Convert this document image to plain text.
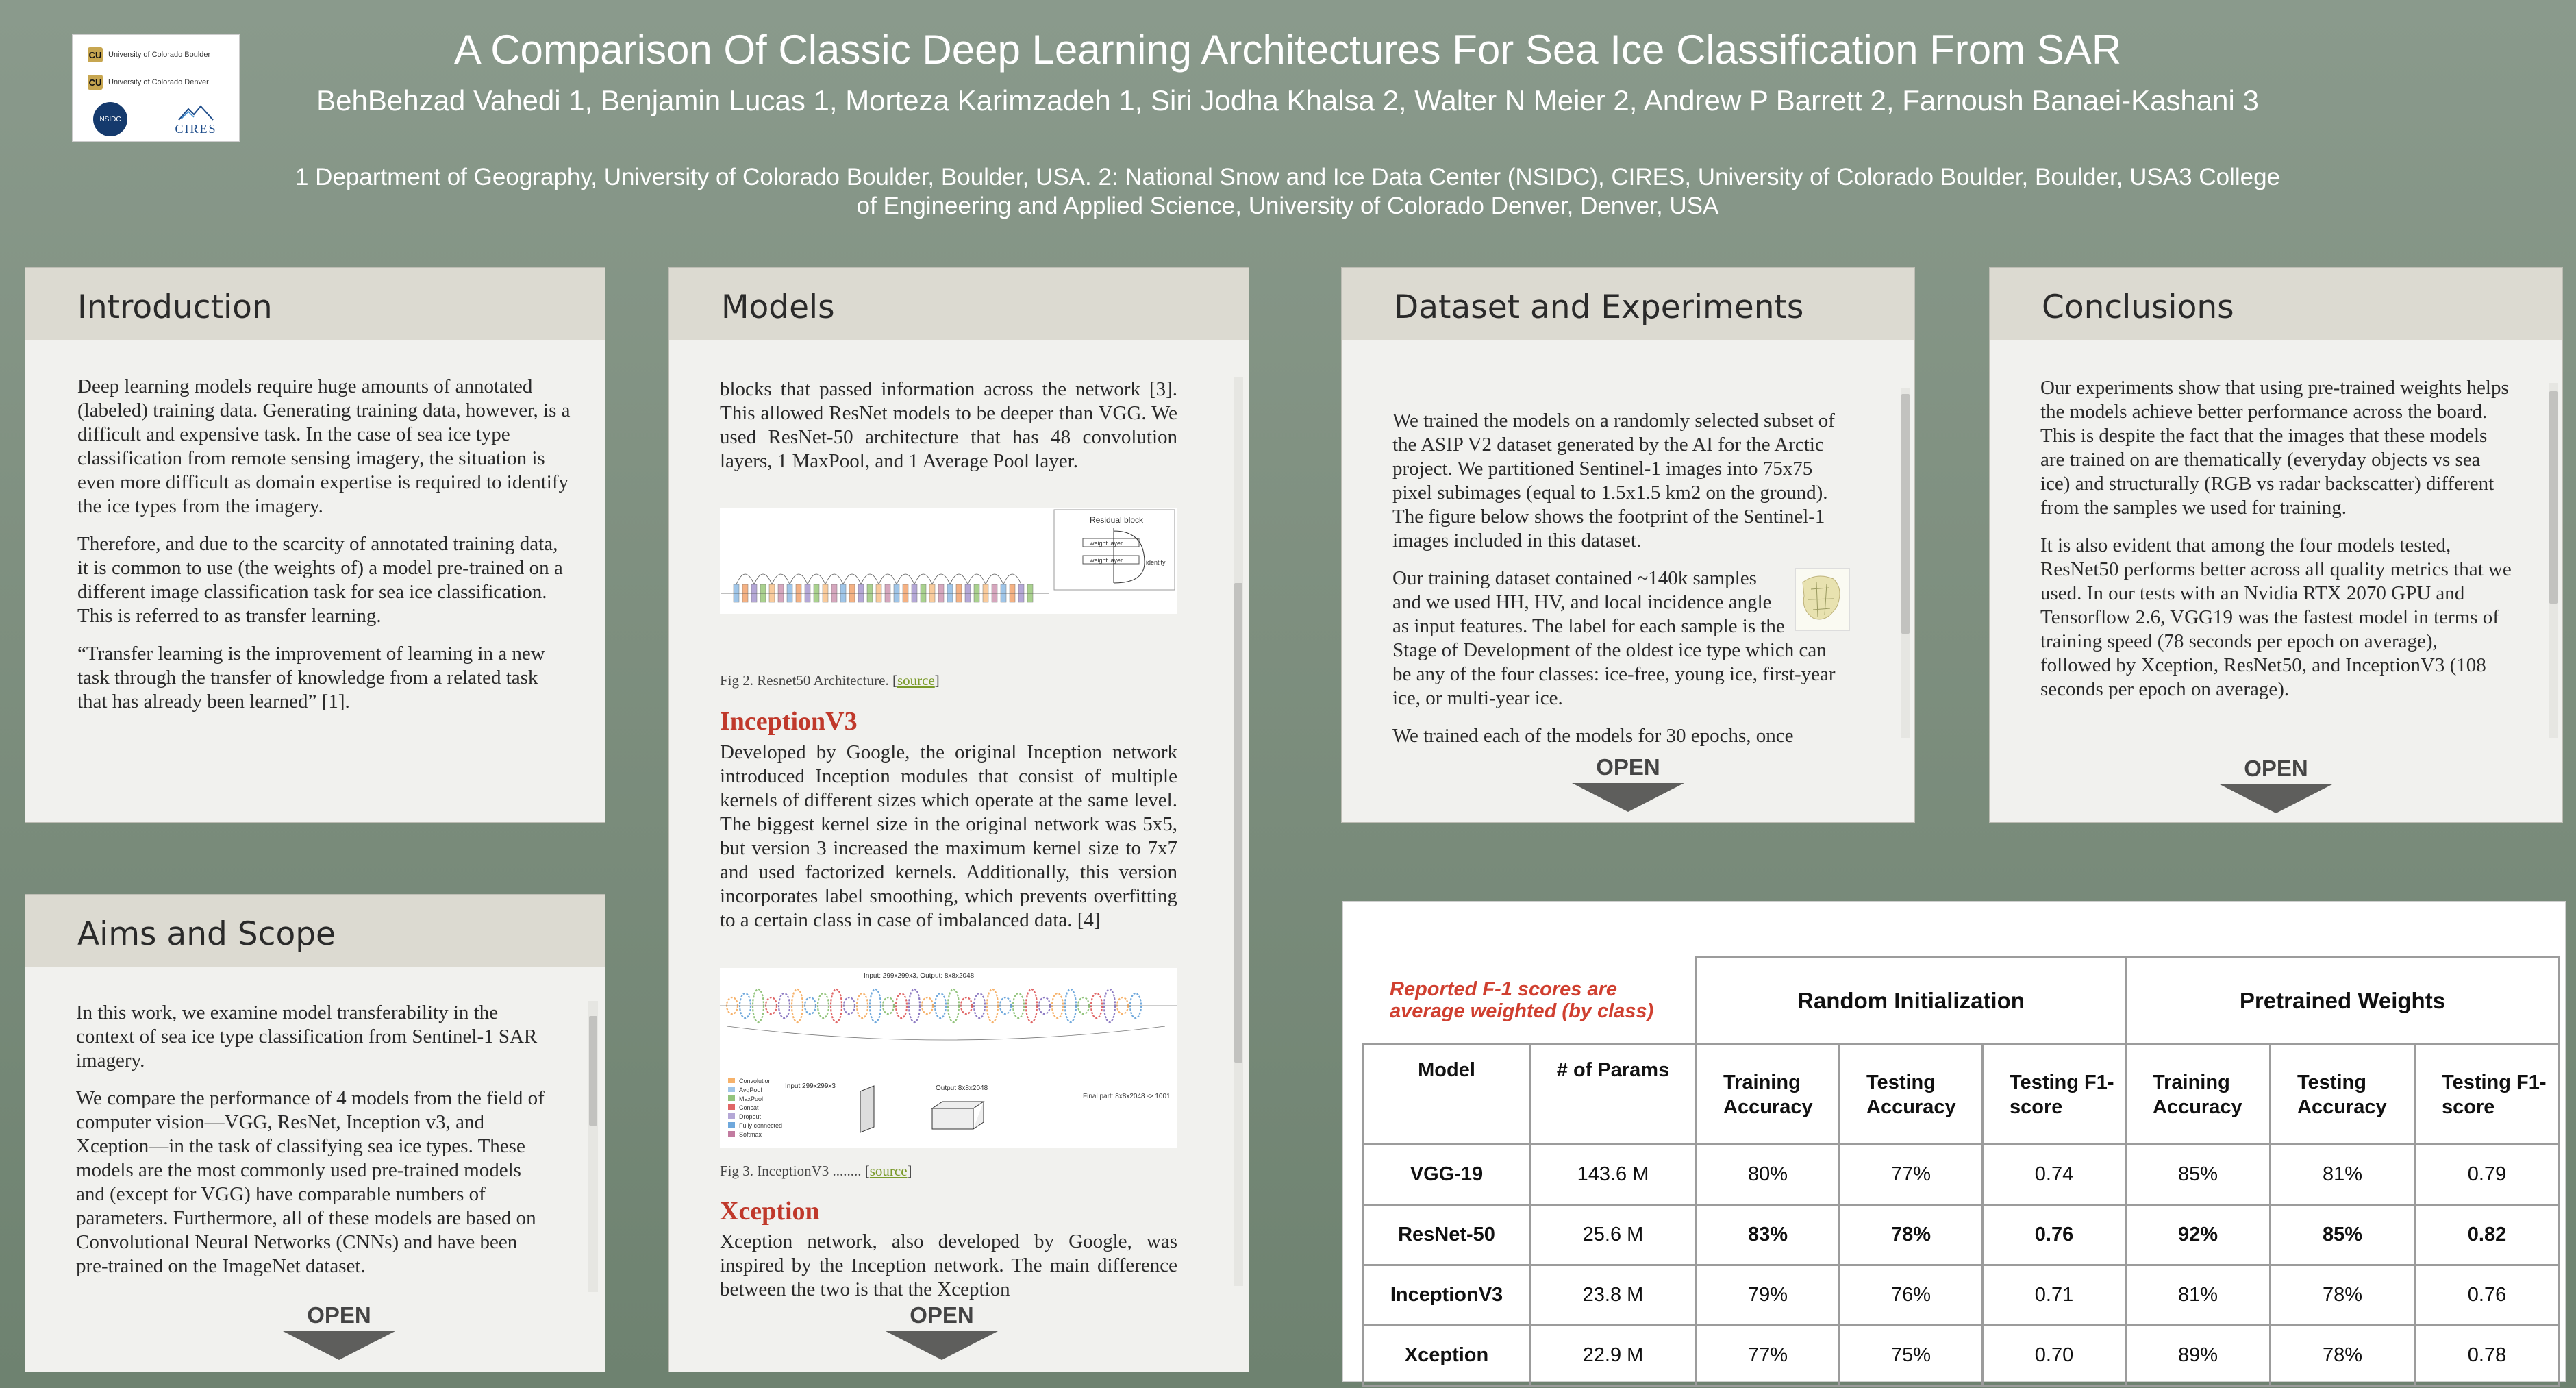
CU University of Colorado Boulder
CU University of Colorado Denver
NSIDC
CIRES
A Comparison Of Classic Deep Learning Architectures For Sea Ice Classification From SAR
BehBehzad Vahedi 1, Benjamin Lucas 1, Morteza Karimzadeh 1, Siri Jodha Khalsa 2, Walter N Meier 2, Andrew P Barrett 2, Farnoush Banaei-Kashani 3
1 Department of Geography, University of Colorado Boulder, Boulder, USA. 2: National Snow and Ice Data Center (NSIDC), CIRES, University of Colorado Boulder, Boulder, USA3 College of Engineering and Applied Science, University of Colorado Denver, Denver, USA
Introduction

Deep learning models require huge amounts of annotated (labeled) training data. Generating training data, however, is a difficult and expensive task. In the case of sea ice type classification from remote sensing imagery, the situation is even more difficult as domain expertise is required to identify the ice types from the imagery.

Therefore, and due to the scarcity of annotated training data, it is common to use (the weights of) a model pre-trained on a different image classification task for sea ice classification. This is referred to as transfer learning.

“Transfer learning is the improvement of learning in a new task through the transfer of knowledge from a related task that has already been learned” [1].

Aims and Scope

In this work, we examine model transferability in the context of sea ice type classification from Sentinel-1 SAR imagery.

We compare the performance of 4 models from the field of computer vision—VGG, ResNet, Inception v3, and Xception—in the task of classifying sea ice types. These models are the most commonly used pre-trained models and (except for VGG) have comparable numbers of parameters. Furthermore, all of these models are based on Convolutional Neural Networks (CNNs) and have been pre-trained on the ImageNet dataset.

OPEN
Models

blocks that passed information across the network [3]. This allowed ResNet models to be deeper than VGG. We used ResNet-50 architecture that has 48 convolution layers, 1 MaxPool, and 1 Average Pool layer.

Residual block
weight layer
weight layer	identity
Fig 2. Resnet50 Architecture. [source]
InceptionV3

Developed by Google, the original Inception network introduced Inception modules that consist of multiple kernels of different sizes which operate at the same level. The biggest kernel size in the original network was 5x5, but version 3 increased the maximum kernel size to 7x7 and used factorized kernels. Additionally, this version incorporates label smoothing, which prevents overfitting to a certain class in case of imbalanced data. [4]

Input: 299x299x3, Output: 8x8x2048
Convolution
AvgPool
MaxPool
Concat
Dropout
Fully connected
Softmax
Input 299x299x3	Output 8x8x2048
Final part: 8x8x2048 -> 1001
Fig 3. InceptionV3 ........ [source]
Xception

Xception network, also developed by Google, was inspired by the Inception network. The main difference between the two is that the Xception

OPEN
Dataset and Experiments

We trained the models on a randomly selected subset of the ASIP V2 dataset generated by the AI for the Arctic project. We partitioned Sentinel-1 images into 75x75 pixel subimages (equal to 1.5x1.5 km2 on the ground). The figure below shows the footprint of the Sentinel-1 images included in this dataset.

Our training dataset contained ~140k samples and we used HH, HV, and local incidence angle as input features. The label for each sample is the Stage of Development of the oldest ice type which can be any of the four classes: ice-free, young ice, first-year ice, or multi-year ice.

We trained each of the models for 30 epochs, once

OPEN
Conclusions

Our experiments show that using pre-trained weights helps the models achieve better performance across the board. This is despite the fact that the images that these models are trained on are thematically (everyday objects vs sea ice) and structurally (RGB vs radar backscatter) different from the samples we used for training.

It is also evident that among the four models tested, ResNet50 performs better across all quality metrics that we used. In our tests with an Nvidia RTX 2070 GPU and Tensorflow 2.6, VGG19 was the fastest model in terms of training speed (78 seconds per epoch on average), followed by Xception, ResNet50, and InceptionV3 (108 seconds per epoch on average).

OPEN
Reported F-1 scores are average weighted (by class)
		Random Initialization			Pretrained Weights		
Model	# of Params	Training Accuracy	Testing Accuracy	Testing F1-score	Training Accuracy	Testing Accuracy	Testing F1-score
VGG-19	143.6 M	80%	77%	0.74	85%	81%	0.79
ResNet-50	25.6 M	83%	78%	0.76	92%	85%	0.82
InceptionV3	23.8 M	79%	76%	0.71	81%	78%	0.76
Xception	22.9 M	77%	75%	0.70	89%	78%	0.78
